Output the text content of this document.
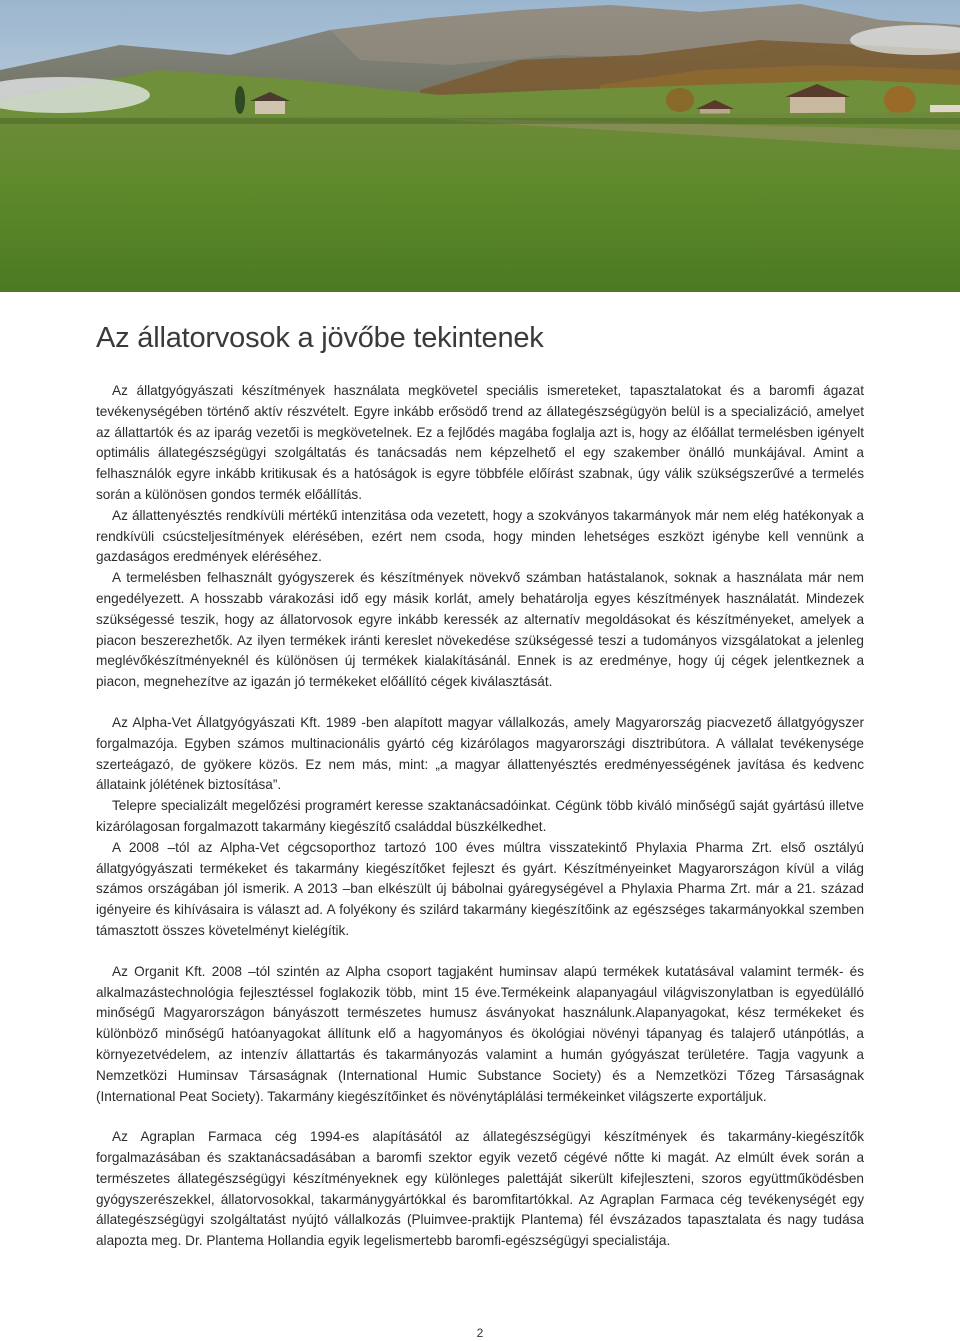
Az állatorvosok a jövőbe tekintenek

Az állatgyógyászati készítmények használata megkövetel speciális ismereteket, tapasztalatokat és a baromfi ágazat tevékenységében történő aktív részvételt. Egyre inkább erősödő trend az állategészségügyön belül is a specializáció, amelyet az állattartók és az iparág vezetői is megkövetelnek. Ez a fejlődés magába foglalja azt is, hogy az élőállat termelésben igényelt optimális állategészségügyi szolgáltatás és tanácsadás nem képzelhető el egy szakember önálló munkájával. Amint a felhasználók egyre inkább kritikusak és a hatóságok is egyre többféle előírást szabnak, úgy válik szükségszerűvé a termelés során a különösen gondos termék előállítás.

Az állattenyésztés rendkívüli mértékű intenzitása oda vezetett, hogy a szokványos takarmányok már nem elég hatékonyak a rendkívüli csúcsteljesítmények elérésében, ezért nem csoda, hogy minden lehetséges eszközt igénybe kell vennünk a gazdaságos eredmények eléréséhez.

A termelésben felhasznált gyógyszerek és készítmények növekvő számban hatástalanok, soknak a használata már nem engedélyezett. A hosszabb várakozási idő egy másik korlát, amely behatárolja egyes készítmények használatát. Mindezek szükségessé teszik, hogy az állatorvosok egyre inkább keressék az alternatív megoldásokat és készítményeket, amelyek a piacon beszerezhetők. Az ilyen termékek iránti kereslet növekedése szükségessé teszi a tudományos vizsgálatokat a jelenleg meglévőkészítményeknél és különösen új termékek kialakításánál. Ennek is az eredménye, hogy új cégek jelentkeznek a piacon, megnehezítve az igazán jó termékeket előállító cégek kiválasztását.

Az Alpha-Vet Állatgyógyászati Kft. 1989 -ben alapított magyar vállalkozás, amely Magyarország piacvezető állatgyógyszer forgalmazója. Egyben számos multinacionális gyártó cég kizárólagos magyarországi disztribútora. A vállalat tevékenysége szerteágazó, de gyökere közös. Ez nem más, mint: „a magyar állattenyésztés eredményességének javítása és kedvenc állataink jólétének biztosítása”.

Telepre specializált megelőzési programért keresse szaktanácsadóinkat. Cégünk több kiváló minőségű saját gyártású illetve kizárólagosan forgalmazott takarmány kiegészítő családdal büszkélkedhet.

A 2008 –tól az Alpha-Vet cégcsoporthoz tartozó 100 éves múltra visszatekintő Phylaxia Pharma Zrt. első osztályú állatgyógyászati termékeket és takarmány kiegészítőket fejleszt és gyárt. Készítményeinket Magyarországon kívül a világ számos országában jól ismerik. A 2013 –ban elkészült új bábolnai gyáregységével a Phylaxia Pharma Zrt. már a 21. század igényeire és kihívásaira is választ ad. A folyékony és szilárd takarmány kiegészítőink az egészséges takarmányokkal szemben támasztott összes követelményt kielégítik.

Az Organit Kft. 2008 –tól szintén az Alpha csoport tagjaként huminsav alapú termékek kutatásával valamint termék- és alkalmazástechnológia fejlesztéssel foglakozik több, mint 15 éve.Termékeink alapanyagául világviszonylatban is egyedülálló minőségű Magyarországon bányászott természetes humusz ásványokat használunk.Alapanyagokat, kész termékeket és különböző minőségű hatóanyagokat állítunk elő a hagyományos és ökológiai növényi tápanyag és talajerő utánpótlás, a környezetvédelem, az intenzív állattartás és takarmányozás valamint a humán gyógyászat területére. Tagja vagyunk a Nemzetközi Huminsav Társaságnak (International Humic Substance Society) és a Nemzetközi Tőzeg Társaságnak (International Peat Society). Takarmány kiegészítőinket és növénytáplálási termékeinket világszerte exportáljuk.

Az Agraplan Farmaca cég 1994-es alapításától az állategészségügyi készítmények és takarmány-kiegészítők forgalmazásában és szaktanácsadásában a baromfi szektor egyik vezető cégévé nőtte ki magát. Az elmúlt évek során a természetes állategészségügyi készítményeknek egy különleges palettáját sikerült kifejleszteni, szoros együttműködésben gyógyszerészekkel, állatorvosokkal, takarmánygyártókkal és baromfitartókkal. Az Agraplan Farmaca cég tevékenységét egy állategészségügyi szolgáltatást nyújtó vállalkozás (Pluimvee-praktijk Plantema) fél évszázados tapasztalata és nagy tudása alapozta meg. Dr. Plantema Hollandia egyik legelismertebb baromfi-egészségügyi specialistája.

2
